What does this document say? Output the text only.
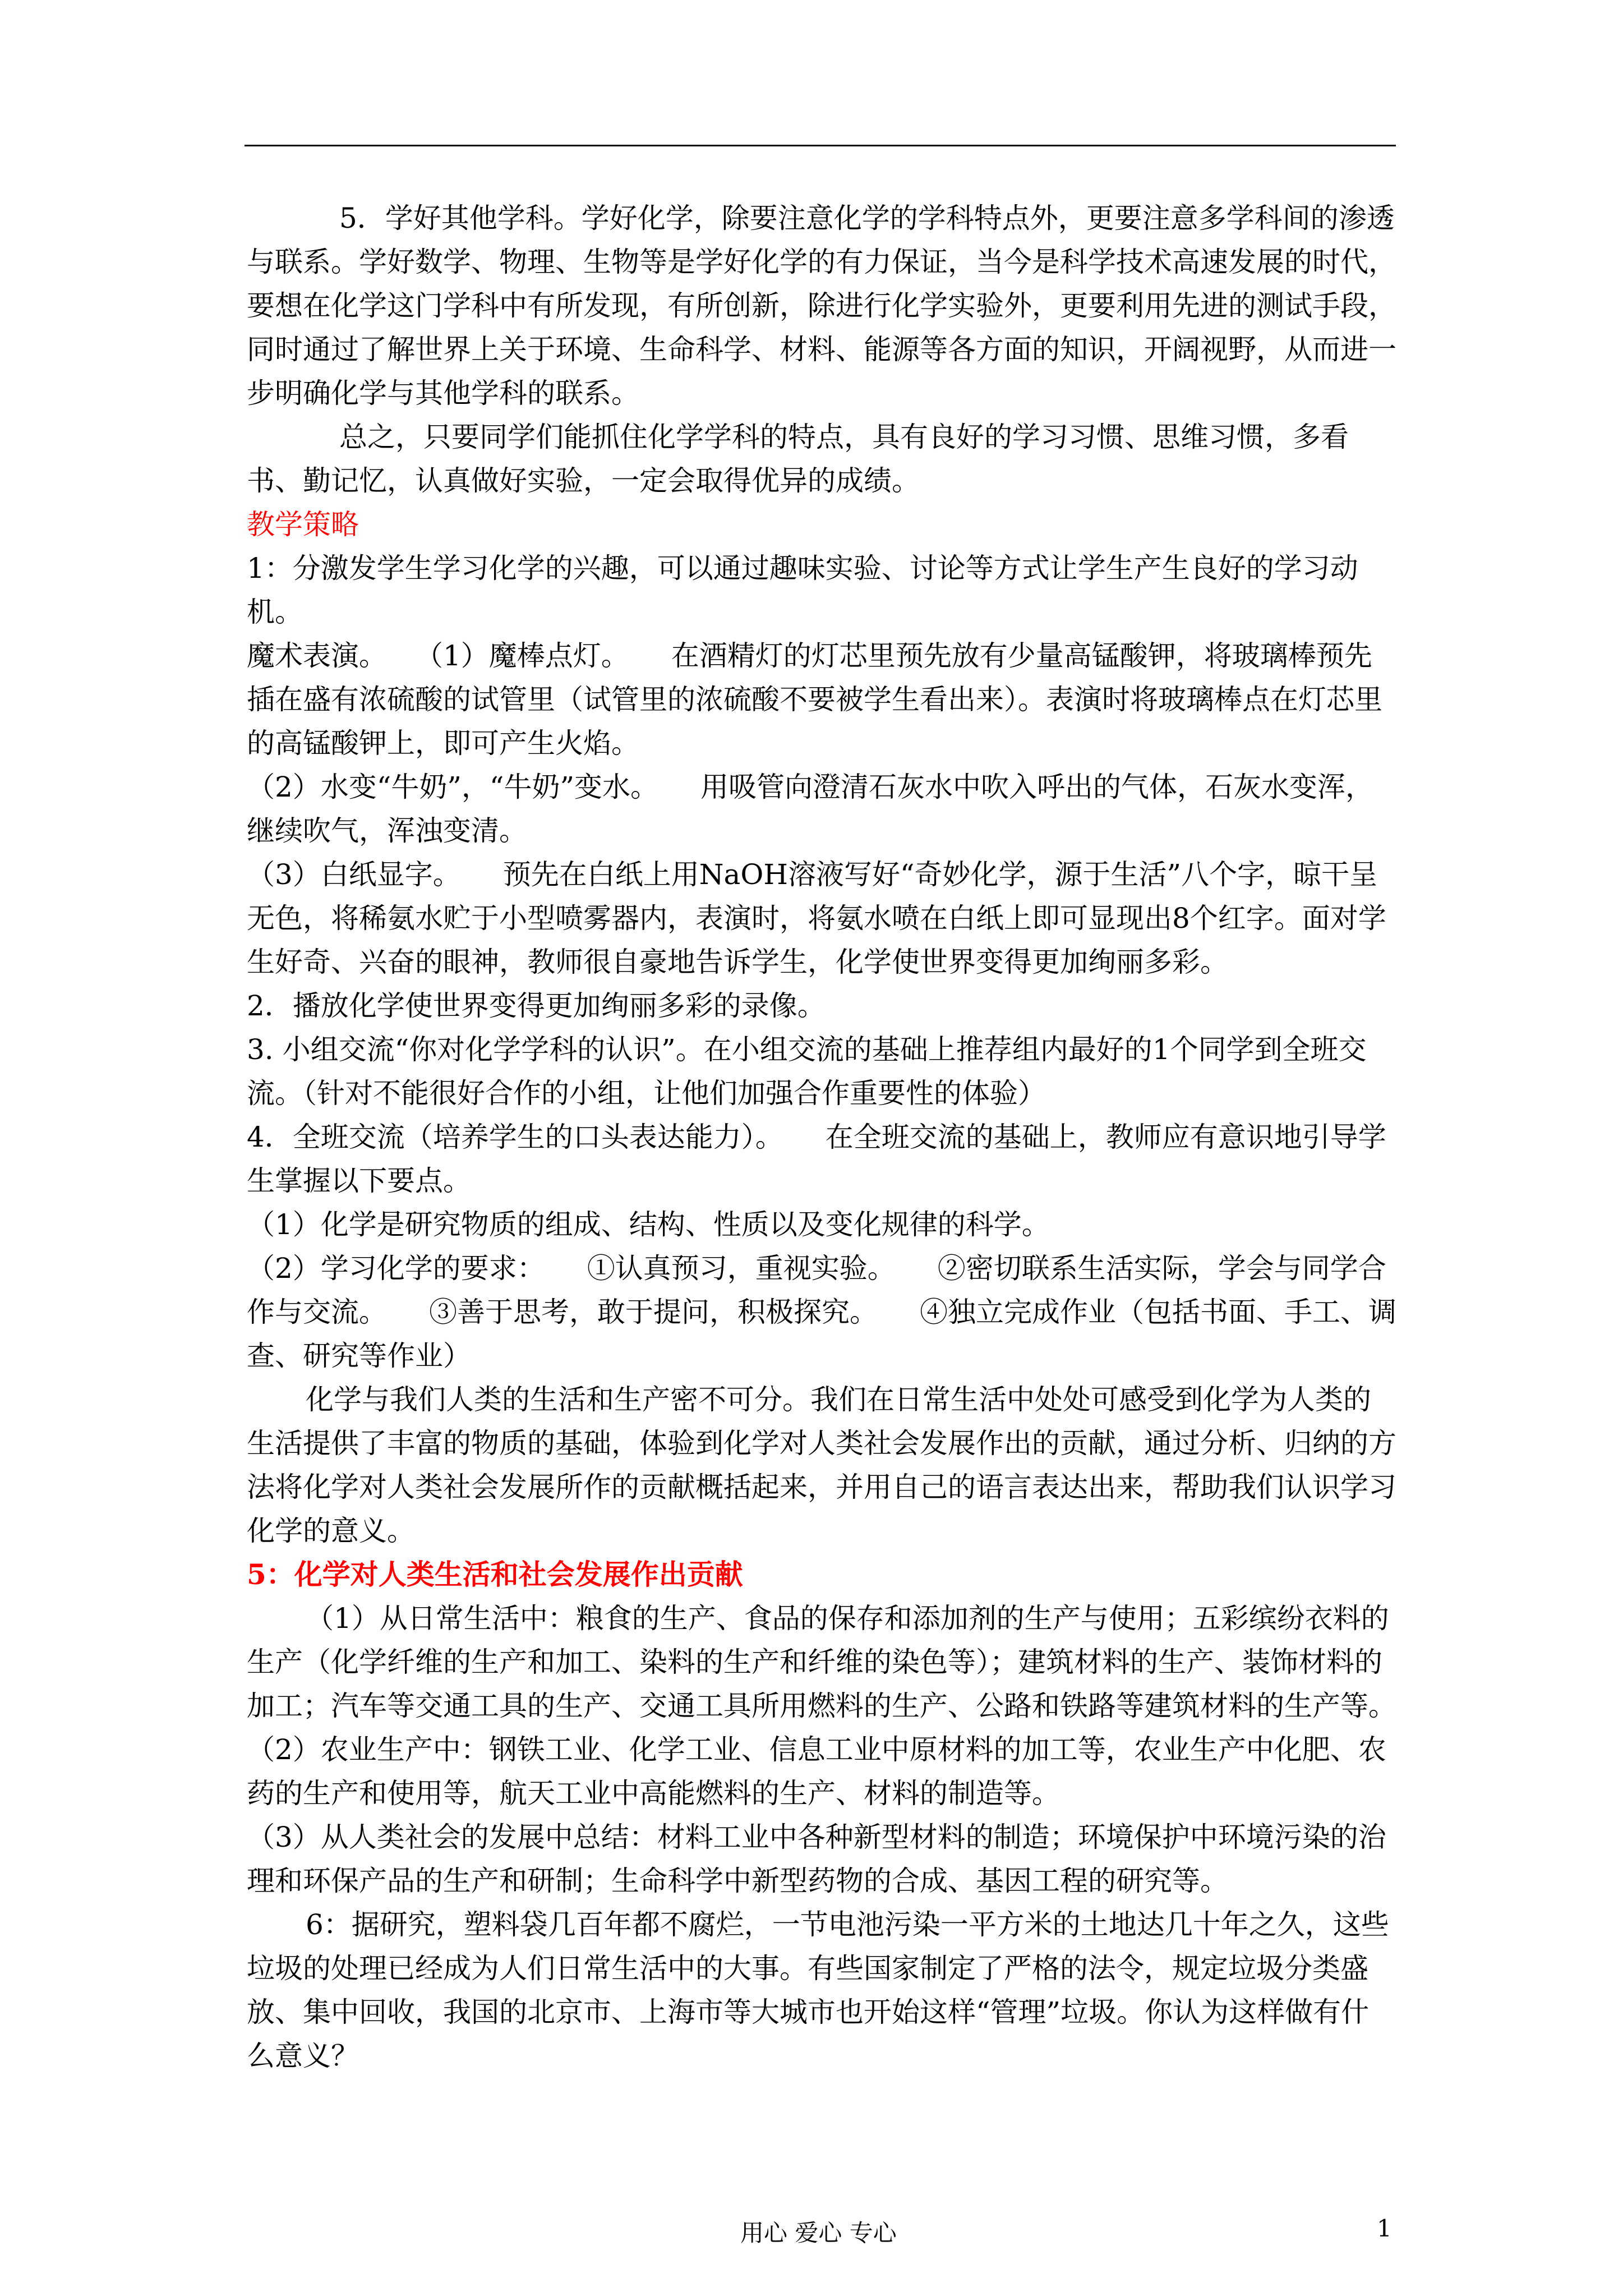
5．学好其他学科。学好化学，除要注意化学的学科特点外，更要注意多学科间的渗透与联系。学好数学、物理、生物等是学好化学的有力保证，当今是科学技术高速发展的时代，要想在化学这门学科中有所发现，有所创新，除进行化学实验外，更要利用先进的测试手段，同时通过了解世界上关于环境、生命科学、材料、能源等各方面的知识，开阔视野，从而进一步明确化学与其他学科的联系。

总之，只要同学们能抓住化学学科的特点，具有良好的学习习惯、思维习惯，多看书、勤记忆，认真做好实验，一定会取得优异的成绩。

教学策略

1：分激发学生学习化学的兴趣，可以通过趣味实验、讨论等方式让学生产生良好的学习动机。

魔术表演。　　（1）魔棒点灯。　　在酒精灯的灯芯里预先放有少量高锰酸钾，将玻璃棒预先插在盛有浓硫酸的试管里（试管里的浓硫酸不要被学生看出来）。表演时将玻璃棒点在灯芯里的高锰酸钾上，即可产生火焰。

（2）水变“牛奶”，“牛奶”变水。　　用吸管向澄清石灰水中吹入呼出的气体，石灰水变浑，继续吹气，浑浊变清。

（3）白纸显字。　　预先在白纸上用NaOH溶液写好“奇妙化学，源于生活”八个字，晾干呈无色，将稀氨水贮于小型喷雾器内，表演时，将氨水喷在白纸上即可显现出8个红字。面对学生好奇、兴奋的眼神，教师很自豪地告诉学生，化学使世界变得更加绚丽多彩。

2．播放化学使世界变得更加绚丽多彩的录像。

3. 小组交流“你对化学学科的认识”。在小组交流的基础上推荐组内最好的1个同学到全班交流。（针对不能很好合作的小组，让他们加强合作重要性的体验）

4．全班交流（培养学生的口头表达能力）。　　在全班交流的基础上，教师应有意识地引导学生掌握以下要点。

（1）化学是研究物质的组成、结构、性质以及变化规律的科学。

（2）学习化学的要求：　　①认真预习，重视实验。　　②密切联系生活实际，学会与同学合作与交流。　　③善于思考，敢于提问，积极探究。　　④独立完成作业（包括书面、手工、调查、研究等作业）

化学与我们人类的生活和生产密不可分。我们在日常生活中处处可感受到化学为人类的生活提供了丰富的物质的基础，体验到化学对人类社会发展作出的贡献，通过分析、归纳的方法将化学对人类社会发展所作的贡献概括起来，并用自己的语言表达出来，帮助我们认识学习化学的意义。

5：化学对人类生活和社会发展作出贡献

（1）从日常生活中：粮食的生产、食品的保存和添加剂的生产与使用；五彩缤纷衣料的生产（化学纤维的生产和加工、染料的生产和纤维的染色等）；建筑材料的生产、装饰材料的加工；汽车等交通工具的生产、交通工具所用燃料的生产、公路和铁路等建筑材料的生产等。

（2）农业生产中：钢铁工业、化学工业、信息工业中原材料的加工等，农业生产中化肥、农药的生产和使用等，航天工业中高能燃料的生产、材料的制造等。

（3）从人类社会的发展中总结：材料工业中各种新型材料的制造；环境保护中环境污染的治理和环保产品的生产和研制；生命科学中新型药物的合成、基因工程的研究等。

6：据研究，塑料袋几百年都不腐烂，一节电池污染一平方米的土地达几十年之久，这些垃圾的处理已经成为人们日常生活中的大事。有些国家制定了严格的法令，规定垃圾分类盛放、集中回收，我国的北京市、上海市等大城市也开始这样“管理”垃圾。你认为这样做有什么意义？

用心 爱心 专心	1
